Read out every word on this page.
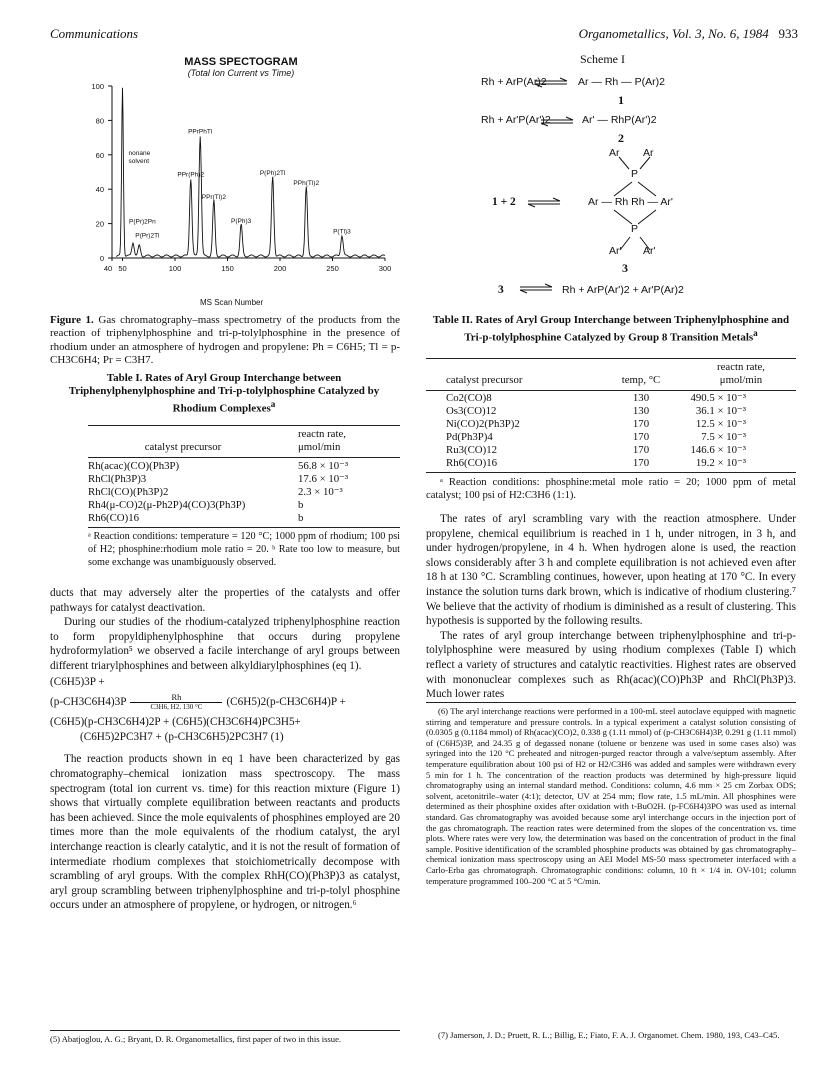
Communications	Organometallics, Vol. 3, No. 6, 1984 933
MASS SPECTOGRAM
(Total Ion Current vs Time)
0
20
40
60
80
100
40 50	100	150	200	250	300
nonane solvent
P(Pr)2Pn
P(Pr)2Tl
PPr(Ph)2
PPrPhTl
PPr(Tl)2
P(Ph)3
P(Ph)2Tl
PPh(Tl)2
P(Tl)3
MS Scan Number
Figure 1. Gas chromatography–mass spectrometry of the products from the reaction of triphenylphosphine and tri-p-tolylphosphine in the presence of rhodium under an atmosphere of hydrogen and propylene: Ph = C6H5; Tl = p-CH3C6H4; Pr = C3H7.
Table I. Rates of Aryl Group Interchange between Triphenylphenylphosphine and Tri-p-tolylphosphine Catalyzed by Rhodium Complexes$^a$
catalyst precursor	
reactn rate,
μmol/min
Rh(acac)(CO)(Ph3P)	56.8 × 10⁻³
RhCl(Ph3P)3	17.6 × 10⁻³
RhCl(CO)(Ph3P)2	2.3 × 10⁻³
Rh4(μ-CO)2(μ-Ph2P)4(CO)3(Ph3P)	b
Rh6(CO)16	b
ᵃ Reaction conditions: temperature = 120 °C; 1000 ppm of rhodium; 100 psi of H2; phosphine:rhodium mole ratio = 20. ᵇ Rate too low to measure, but some exchange was unambiguously observed.

ducts that may adversely alter the properties of the catalysts and offer pathways for catalyst deactivation.

During our studies of the rhodium-catalyzed triphenylphosphine reaction to form propyldiphenylphosphine that occurs during propylene hydroformylation⁵ we observed a facile interchange of aryl groups between different triarylphosphines and between alkyldiarylphosphines (eq 1).

(C6H5)3P +
(p-CH3C6H4)3P	Rh
C3H6, H2, 130 °C	(C6H5)2(p-CH3C6H4)P +
(C6H5)(p-CH3C6H4)2P + (C6H5)(CH3C6H4)PC3H5+
(C6H5)2PC3H7 + (p-CH3C6H5)2PC3H7 (1)

The reaction products shown in eq 1 have been characterized by gas chromatography–chemical ionization mass spectroscopy. The mass spectrogram (total ion current vs. time) for this reaction mixture (Figure 1) shows that virtually complete equilibration between reactants and products has been achieved. Since the mole equivalents of phosphines employed are 20 times more than the mole equivalents of the rhodium catalyst, the aryl interchange reaction is clearly catalytic, and it is not the result of formation of intermediate rhodium complexes that stoichiometrically decompose with scrambling of aryl groups. With the complex RhH(CO)(Ph3P)3 as catalyst, aryl group scrambling between triphenylphosphine and tri-p-tolyl phosphine occurs under an atmosphere of propylene, or hydrogen, or nitrogen.⁶

(5) Abatjoglou, A. G.; Bryant, D. R. Organometallics, first paper of two in this issue.
Scheme I
Rh + ArP(Ar)2	Ar — Rh — P(Ar)2
1
Rh + Ar'P(Ar')2	Ar' — RhP(Ar')2
2
Ar Ar
P
1 + 2	Ar — Rh Rh — Ar'
P
Ar' Ar'
3
3	Rh + ArP(Ar')2 + Ar'P(Ar)2
Table II. Rates of Aryl Group Interchange between Triphenylphosphine and Tri-p-tolylphosphine Catalyzed by Group 8 Transition Metals$^a$
catalyst precursor	temp, °C	
reactn rate,
μmol/min
Co2(CO)8	130	490.5 × 10⁻³
Os3(CO)12	130	36.1 × 10⁻³
Ni(CO)2(Ph3P)2	170	12.5 × 10⁻³
Pd(Ph3P)4	170	7.5 × 10⁻³
Ru3(CO)12	170	146.6 × 10⁻³
Rh6(CO)16	170	19.2 × 10⁻³
ᵃ Reaction conditions: phosphine:metal mole ratio = 20; 1000 ppm of metal catalyst; 100 psi of H2:C3H6 (1:1).

The rates of aryl scrambling vary with the reaction atmosphere. Under propylene, chemical equilibrium is reached in 1 h, under nitrogen, in 3 h, and under hydrogen/propylene, in 4 h. When hydrogen alone is used, the reaction slows considerably after 3 h and complete equilibration is not achieved even after 18 h at 130 °C. Scrambling continues, however, upon heating at 170 °C. In every instance the solution turns dark brown, which is indicative of rhodium clustering.⁷ We believe that the activity of rhodium is diminished as a result of clustering. This hypothesis is supported by the following results.

The rates of aryl group interchange between triphenylphosphine and tri-p-tolylphosphine were measured by using rhodium complexes (Table I) which reflect a variety of structures and catalytic reactivities. Highest rates are observed with mononuclear complexes such as Rh(acac)(CO)Ph3P and RhCl(Ph3P)3. Much lower rates

(6) The aryl interchange reactions were performed in a 100-mL steel autoclave equipped with magnetic stirring and temperature and pressure controls. In a typical experiment a catalyst solution consisting of (0.0305 g (0.1184 mmol) of Rh(acac)(CO)2, 0.338 g (1.11 mmol) of (p-CH3C6H4)3P, 0.291 g (1.11 mmol) of (C6H5)3P, and 24.35 g of degassed nonane (toluene or benzene was used in some cases also) was syringed into the 120 °C preheated and nitrogen-purged reactor through a valve/septum assembly. After temperature equilibration about 100 psi of H2 or H2/C3H6 was added and samples were withdrawn every 5 min for 1 h. The concentration of the reaction products was determined by high-pressure liquid chromatography using an internal standard method. Conditions: column, 4.6 mm × 25 cm Zorbax ODS; solvent, acetonitrile–water (4:1); detector, UV at 254 mm; flow rate, 1.5 mL/min. All phosphines were determined as their phosphine oxides after oxidation with t-BuO2H. (p-FC6H4)3PO was used as internal standard. Gas chromatography was avoided because some aryl interchange occurs in the injection port of the gas chromatograph. The reaction rates were determined from the slopes of the concentration vs. time plots. Where rates were very low, the determination was based on the concentration of product in the final sample. Positive identification of the scrambled phosphine products was obtained by gas chromatography–chemical ionization mass spectroscopy using an AEI Model MS-50 mass spectrometer interfaced with a Carlo-Erba gas chromatograph. Chromatographic conditions: column, 10 ft × 1/4 in. OV-101; column temperature programmed 100–200 °C at 5 °C/min.
(7) Jamerson, J. D.; Pruett, R. L.; Billig, E.; Fiato, F. A. J. Organomet. Chem. 1980, 193, C43–C45.
